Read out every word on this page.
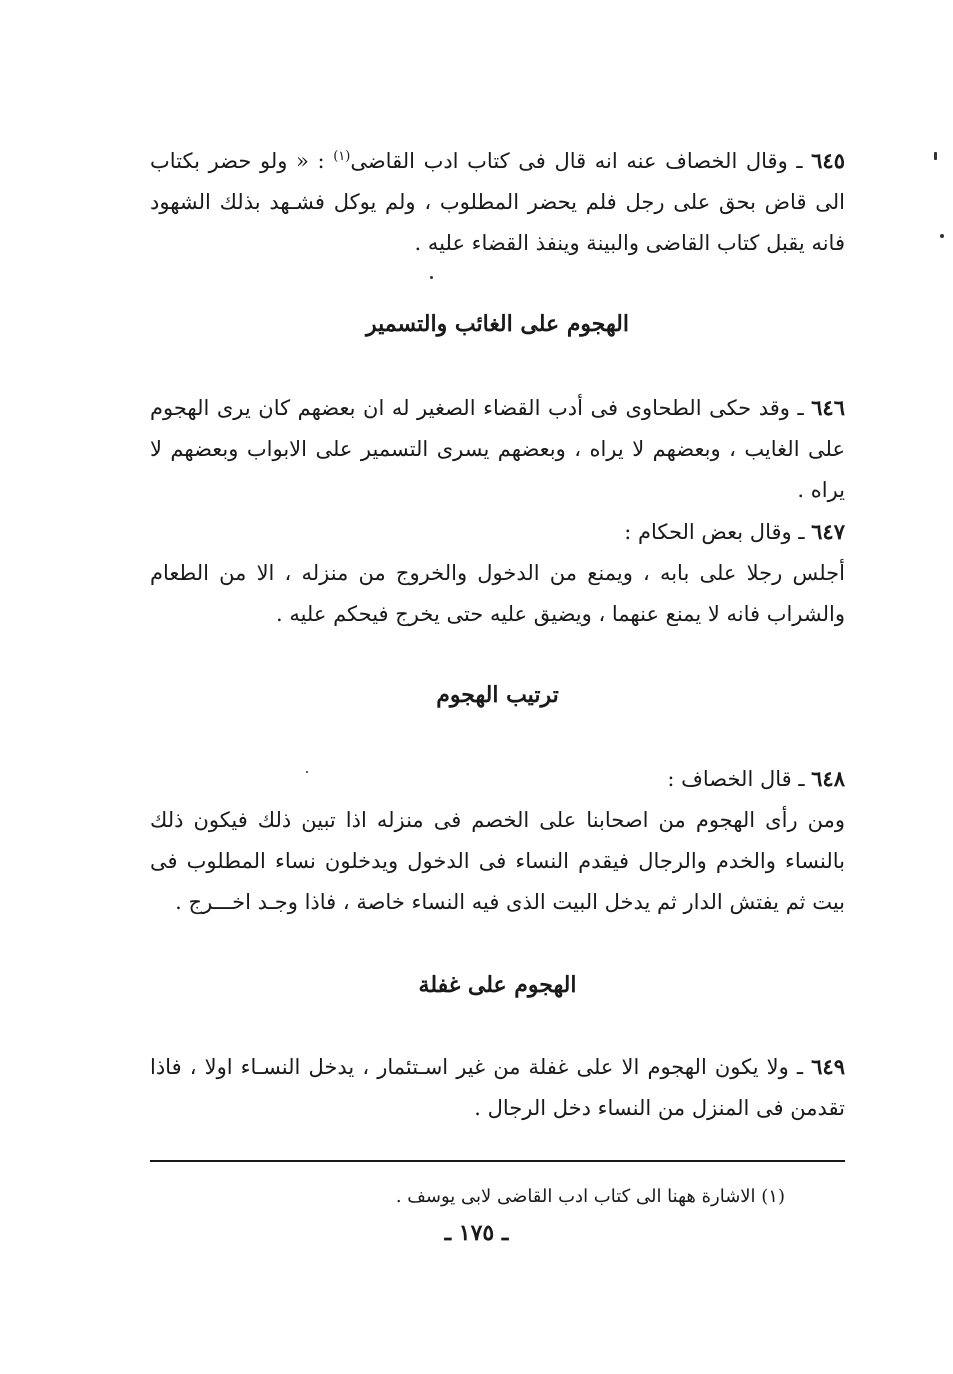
٦٤٥ ـ وقال الخصاف عنه انه قال فى كتاب ادب القاضى$^{(١)}$ : « ولو حضر بكتاب الى قاض بحق على رجل فلم يحضر المطلوب ، ولم يوكل فشـهد بذلك الشهود فانه يقبل كتاب القاضى والبينة وينفذ القضاء عليه .

الهجوم على الغائب والتسمير

٦٤٦ ـ وقد حكى الطحاوى فى أدب القضاء الصغير له ان بعضهم كان يرى الهجوم على الغايب ، وبعضهم لا يراه ، وبعضهم يسرى التسمير على الابواب وبعضهم لا يراه .

٦٤٧ ـ وقال بعض الحكام :

أجلس رجلا على بابه ، ويمنع من الدخول والخروج من منزله ، الا من الطعام والشراب فانه لا يمنع عنهما ، ويضيق عليه حتى يخرج فيحكم عليه .

ترتيب الهجوم

٦٤٨ ـ قال الخصاف :

ومن رأى الهجوم من اصحابنا على الخصم فى منزله اذا تبين ذلك فيكون ذلك بالنساء والخدم والرجال فيقدم النساء فى الدخول ويدخلون نساء المطلوب فى بيت ثم يفتش الدار ثم يدخل البيت الذى فيه النساء خاصة ، فاذا وجـد اخـــرج .

الهجوم على غفلة

٦٤٩ ـ ولا يكون الهجوم الا على غفلة من غير اسـتئمار ، يدخل النسـاء اولا ، فاذا تقدمن فى المنزل من النساء دخل الرجال .

(١) الاشارة ههنا الى كتاب ادب القاضى لابى يوسف .
ـ ١٧٥ ـ
